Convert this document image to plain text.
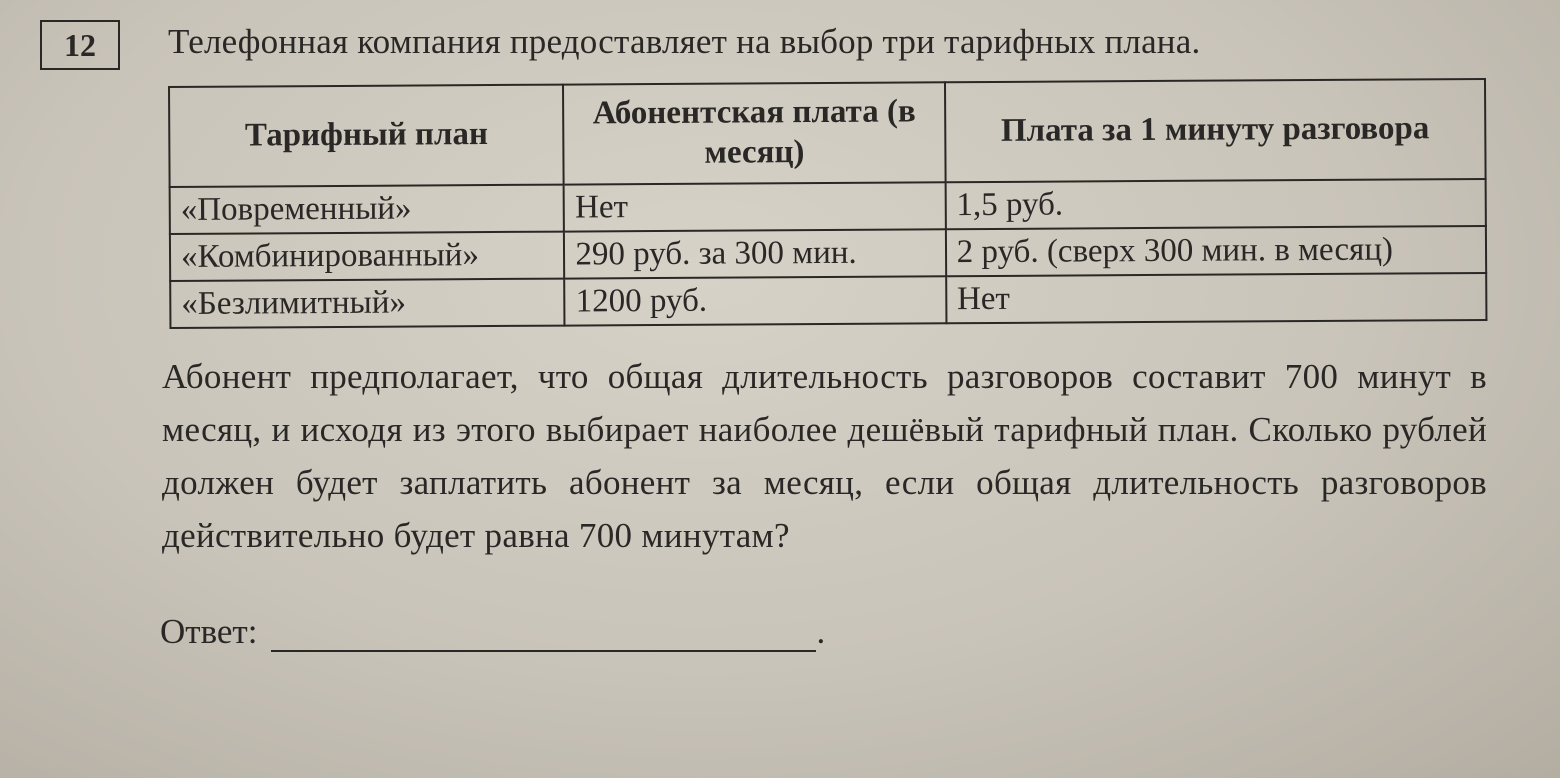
12 Телефонная компания предоставляет на выбор три тарифных плана.
Тарифный план	Абонентская плата (в месяц)	Плата за 1 минуту разговора
«Повременный»	Нет	1,5 руб.
«Комбинированный»	290 руб. за 300 мин.	2 руб. (сверх 300 мин. в месяц)
«Безлимитный»	1200 руб.	Нет
Абонент предполагает, что общая длительность разговоров составит 700 минут в месяц, и исходя из этого выбирает наиболее дешёвый тарифный план. Сколько рублей должен будет заплатить абонент за месяц, если общая длительность разговоров действительно будет равна 700 минутам?
Ответ:	.
